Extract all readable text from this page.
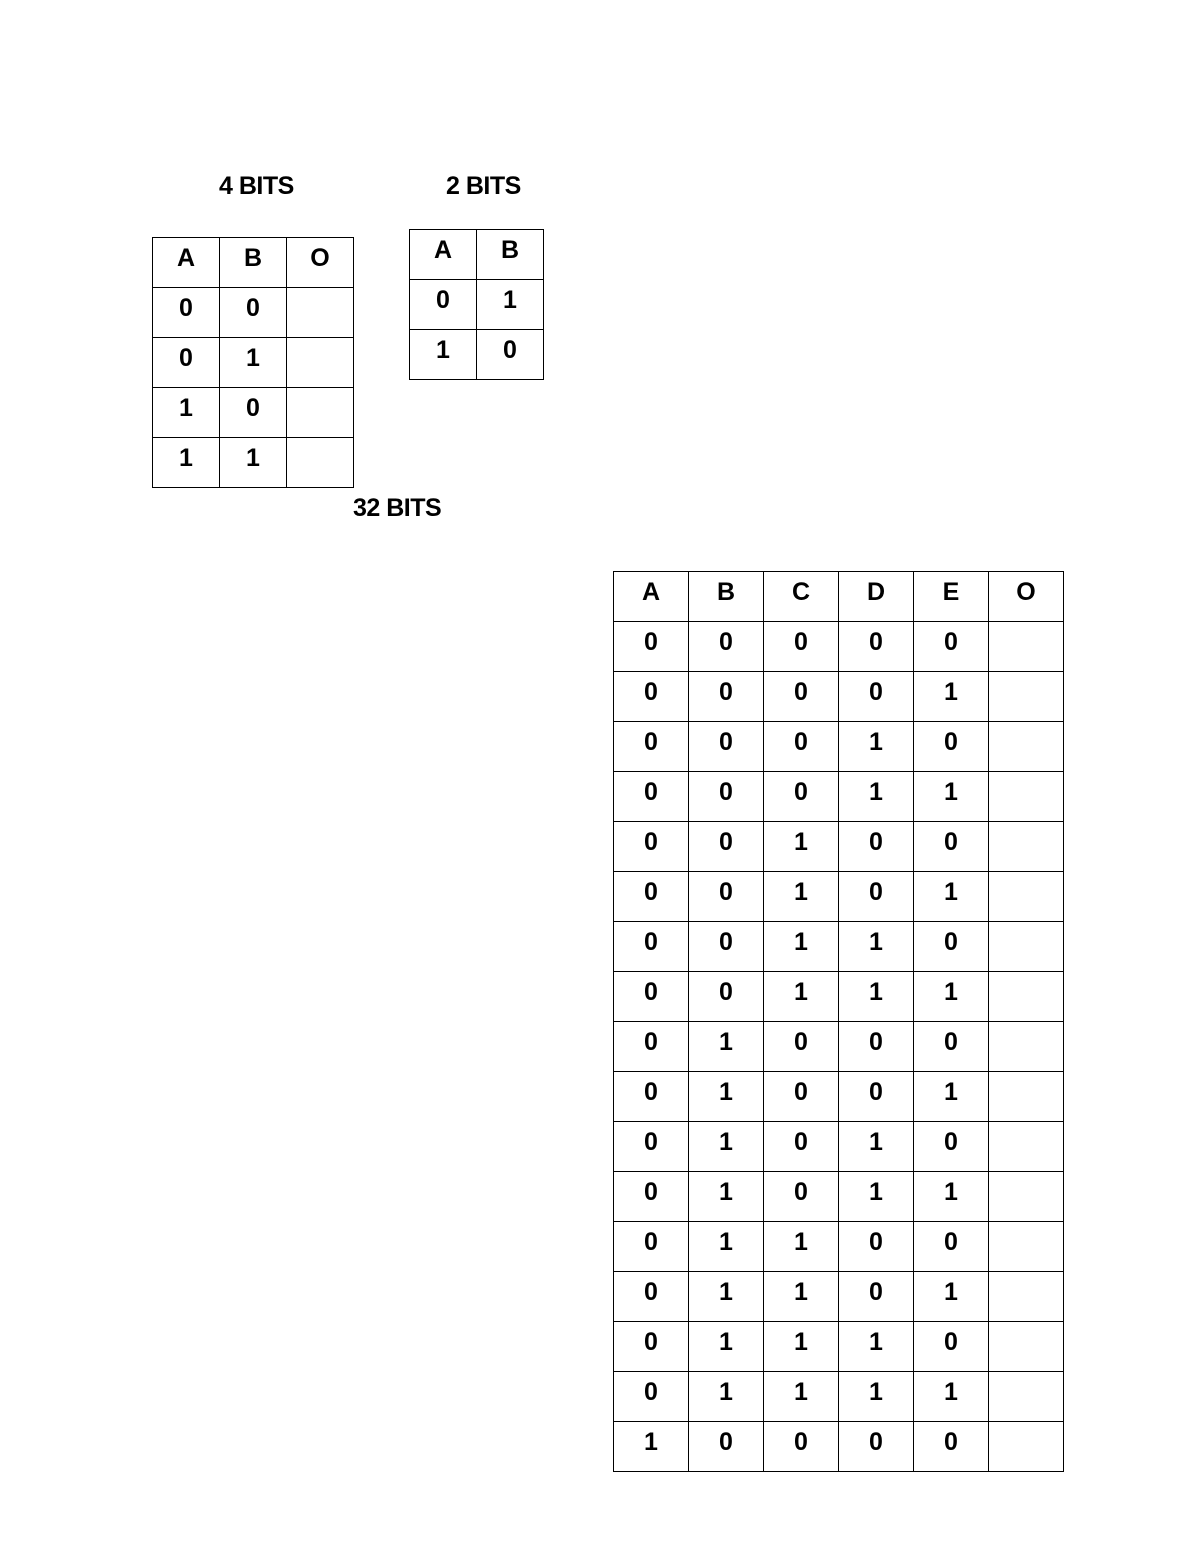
4 BITS	2 BITS
32 BITS
A	B	O

0	0	

0	1	

1	0	

1	1	

A	B

0	1

1	0
A	B	C	D	E	O

0	0	0	0	0	

0	0	0	0	1	

0	0	0	1	0	

0	0	0	1	1	

0	0	1	0	0	

0	0	1	0	1	

0	0	1	1	0	

0	0	1	1	1	

0	1	0	0	0	

0	1	0	0	1	

0	1	0	1	0	

0	1	0	1	1	

0	1	1	0	0	

0	1	1	0	1	

0	1	1	1	0	

0	1	1	1	1	

1	0	0	0	0	
